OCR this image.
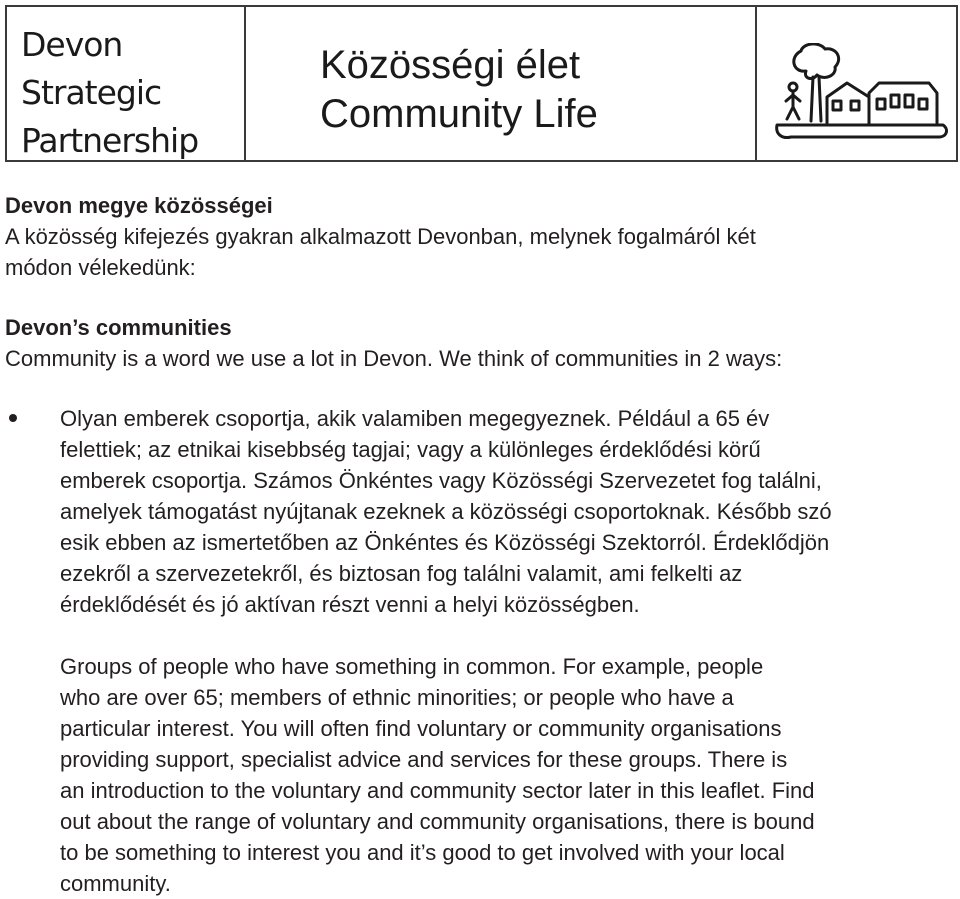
Devon
Strategic
Partnership
Közösségi élet
Community Life

Devon megye közösségei

A közösség kifejezés gyakran alkalmazott Devonban, melynek fogalmáról két

módon vélekedünk:

Devon’s communities

Community is a word we use a lot in Devon. We think of communities in 2 ways:

Olyan emberek csoportja, akik valamiben megegyeznek. Például a 65 év

felettiek; az etnikai kisebbség tagjai; vagy a különleges érdeklődési körű

emberek csoportja. Számos Önkéntes vagy Közösségi Szervezetet fog találni,

amelyek támogatást nyújtanak ezeknek a közösségi csoportoknak. Később szó

esik ebben az ismertetőben az Önkéntes és Közösségi Szektorról. Érdeklődjön

ezekről a szervezetekről, és biztosan fog találni valamit, ami felkelti az

érdeklődését és jó aktívan részt venni a helyi közösségben.

Groups of people who have something in common. For example, people

who are over 65; members of ethnic minorities; or people who have a

particular interest. You will often find voluntary or community organisations

providing support, specialist advice and services for these groups. There is

an introduction to the voluntary and community sector later in this leaflet. Find

out about the range of voluntary and community organisations, there is bound

to be something to interest you and it’s good to get involved with your local

community.
